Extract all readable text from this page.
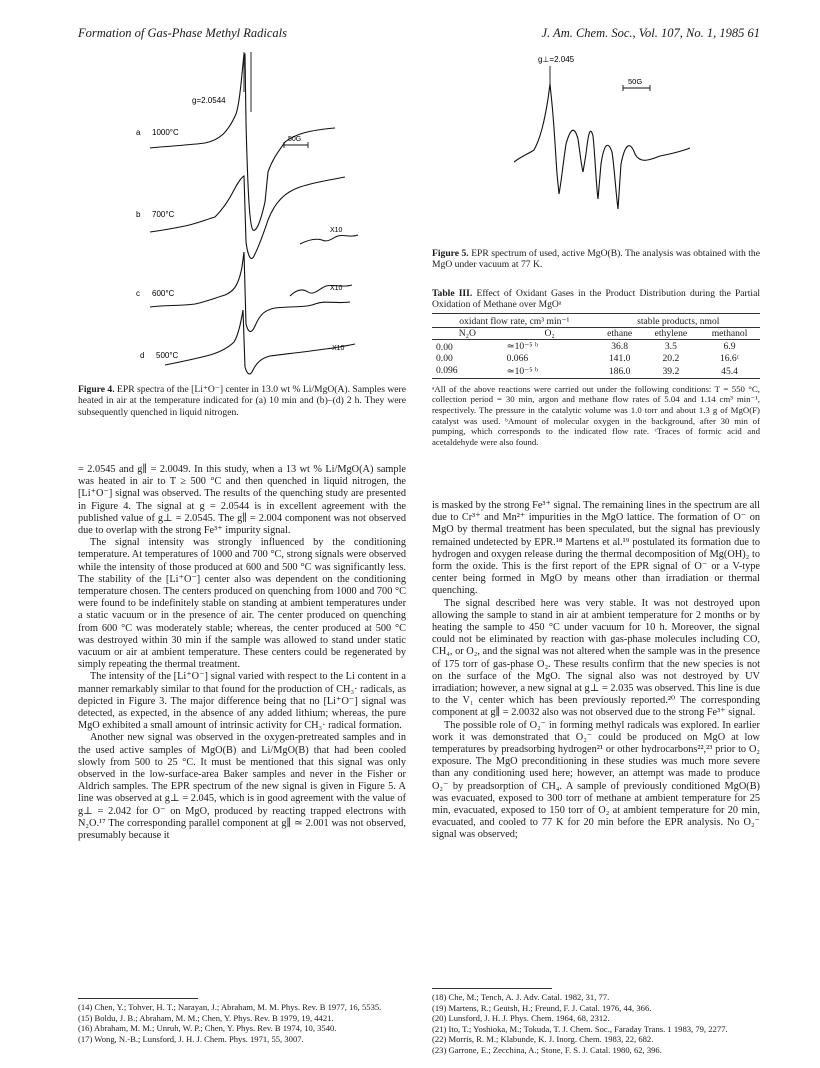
Formation of Gas-Phase Methyl Radicals	J. Am. Chem. Soc., Vol. 107, No. 1, 1985 61
a 1000°C
g=2.0544
50G
b 700°C
X10
c 600°C
X10
d 500°C
X10
Figure 4. EPR spectra of the [Li⁺O⁻] center in 13.0 wt % Li/MgO(A). Samples were heated in air at the temperature indicated for (a) 10 min and (b)–(d) 2 h. They were subsequently quenched in liquid nitrogen.

= 2.0545 and g∥ = 2.0049. In this study, when a 13 wt % Li/MgO(A) sample was heated in air to T ≥ 500 °C and then quenched in liquid nitrogen, the [Li⁺O⁻] signal was observed. The results of the quenching study are presented in Figure 4. The signal at g = 2.0544 is in excellent agreement with the published value of g⊥ = 2.0545. The g∥ = 2.004 component was not observed due to overlap with the strong Fe³⁺ impurity signal.

The signal intensity was strongly influenced by the conditioning temperature. At temperatures of 1000 and 700 °C, strong signals were observed while the intensity of those produced at 600 and 500 °C was significantly less. The stability of the [Li⁺O⁻] center also was dependent on the conditioning temperature chosen. The centers produced on quenching from 1000 and 700 °C were found to be indefinitely stable on standing at ambient temperatures under a static vacuum or in the presence of air. The center produced on quenching from 600 °C was moderately stable; whereas, the center produced at 500 °C was destroyed within 30 min if the sample was allowed to stand under static vacuum or air at ambient temperature. These centers could be regenerated by simply repeating the thermal treatment.

The intensity of the [Li⁺O⁻] signal varied with respect to the Li content in a manner remarkably similar to that found for the production of CH₃· radicals, as depicted in Figure 3. The major difference being that no [Li⁺O⁻] signal was detected, as expected, in the absence of any added lithium; whereas, the pure MgO exhibited a small amount of intrinsic activity for CH₃· radical formation.

Another new signal was observed in the oxygen-pretreated samples and in the used active samples of MgO(B) and Li/MgO(B) that had been cooled slowly from 500 to 25 °C. It must be mentioned that this signal was only observed in the low-surface-area Baker samples and never in the Fisher or Aldrich samples. The EPR spectrum of the new signal is given in Figure 5. A line was observed at g⊥ = 2.045, which is in good agreement with the value of g⊥ = 2.042 for O⁻ on MgO, produced by reacting trapped electrons with N₂O.¹⁷ The corresponding parallel component at g∥ ≃ 2.001 was not observed, presumably because it

(14) Chen, Y.; Tohver, H. T.; Narayan, J.; Abraham, M. M. Phys. Rev. B 1977, 16, 5535.
(15) Boldu, J. B.; Abraham, M. M.; Chen, Y. Phys. Rev. B 1979, 19, 4421.
(16) Abraham, M. M.; Unruh, W. P.; Chen, Y. Phys. Rev. B 1974, 10, 3540.
(17) Wong, N.-B.; Lunsford, J. H. J. Chem. Phys. 1971, 55, 3007.
g⊥=2.045
50G
Figure 5. EPR spectrum of used, active MgO(B). The analysis was obtained with the MgO under vacuum at 77 K.
Table III. Effect of Oxidant Gases in the Product Distribution during the Partial Oxidation of Methane over MgOᵃ
oxidant flow rate, cm³ min⁻¹		stable products, nmol		
N₂O	O₂	ethane	ethylene	methanol
0.00	≃10⁻⁵ ᵇ	36.8	3.5	6.9
0.00	0.066	141.0	20.2	16.6ᶜ
0.096	≃10⁻⁵ ᵇ	186.0	39.2	45.4
ᵃAll of the above reactions were carried out under the following conditions: T = 550 °C, collection period = 30 min, argon and methane flow rates of 5.04 and 1.14 cm³ min⁻¹, respectively. The pressure in the catalytic volume was 1.0 torr and about 1.3 g of MgO(F) catalyst was used. ᵇAmount of molecular oxygen in the background, after 30 min of pumping, which corresponds to the indicated flow rate. ᶜTraces of formic acid and acetaldehyde were also found.

is masked by the strong Fe³⁺ signal. The remaining lines in the spectrum are all due to Cr³⁺ and Mn²⁺ impurities in the MgO lattice. The formation of O⁻ on MgO by thermal treatment has been speculated, but the signal has previously remained undetected by EPR.¹⁸ Martens et al.¹⁹ postulated its formation due to hydrogen and oxygen release during the thermal decomposition of Mg(OH)₂ to form the oxide. This is the first report of the EPR signal of O⁻ or a V-type center being formed in MgO by means other than irradiation or thermal quenching.

The signal described here was very stable. It was not destroyed upon allowing the sample to stand in air at ambient temperature for 2 months or by heating the sample to 450 °C under vacuum for 10 h. Moreover, the signal could not be eliminated by reaction with gas-phase molecules including CO, CH₄, or O₂, and the signal was not altered when the sample was in the presence of 175 torr of gas-phase O₂. These results confirm that the new species is not on the surface of the MgO. The signal also was not destroyed by UV irradiation; however, a new signal at g⊥ = 2.035 was observed. This line is due to the V₁ center which has been previously reported.²⁰ The corresponding component at g∥ = 2.0032 also was not observed due to the strong Fe³⁺ signal.

The possible role of O₂⁻ in forming methyl radicals was explored. In earlier work it was demonstrated that O₂⁻ could be produced on MgO at low temperatures by preadsorbing hydrogen²¹ or other hydrocarbons²²,²³ prior to O₂ exposure. The MgO preconditioning in these studies was much more severe than any conditioning used here; however, an attempt was made to produce O₂⁻ by preadsorption of CH₄. A sample of previously conditioned MgO(B) was evacuated, exposed to 300 torr of methane at ambient temperature for 25 min, evacuated, exposed to 150 torr of O₂ at ambient temperature for 20 min, evacuated, and cooled to 77 K for 20 min before the EPR analysis. No O₂⁻ signal was observed;

(18) Che, M.; Tench, A. J. Adv. Catal. 1982, 31, 77.
(19) Martens, R.; Geutsh, H.; Freund, F. J. Catal. 1976, 44, 366.
(20) Lunsford, J. H. J. Phys. Chem. 1964, 68, 2312.
(21) Ito, T.; Yoshioka, M.; Tokuda, T. J. Chem. Soc., Faraday Trans. 1 1983, 79, 2277.
(22) Morris, R. M.; Klabunde, K. J. Inorg. Chem. 1983, 22, 682.
(23) Garrone, E.; Zecchina, A.; Stone, F. S. J. Catal. 1980, 62, 396.
